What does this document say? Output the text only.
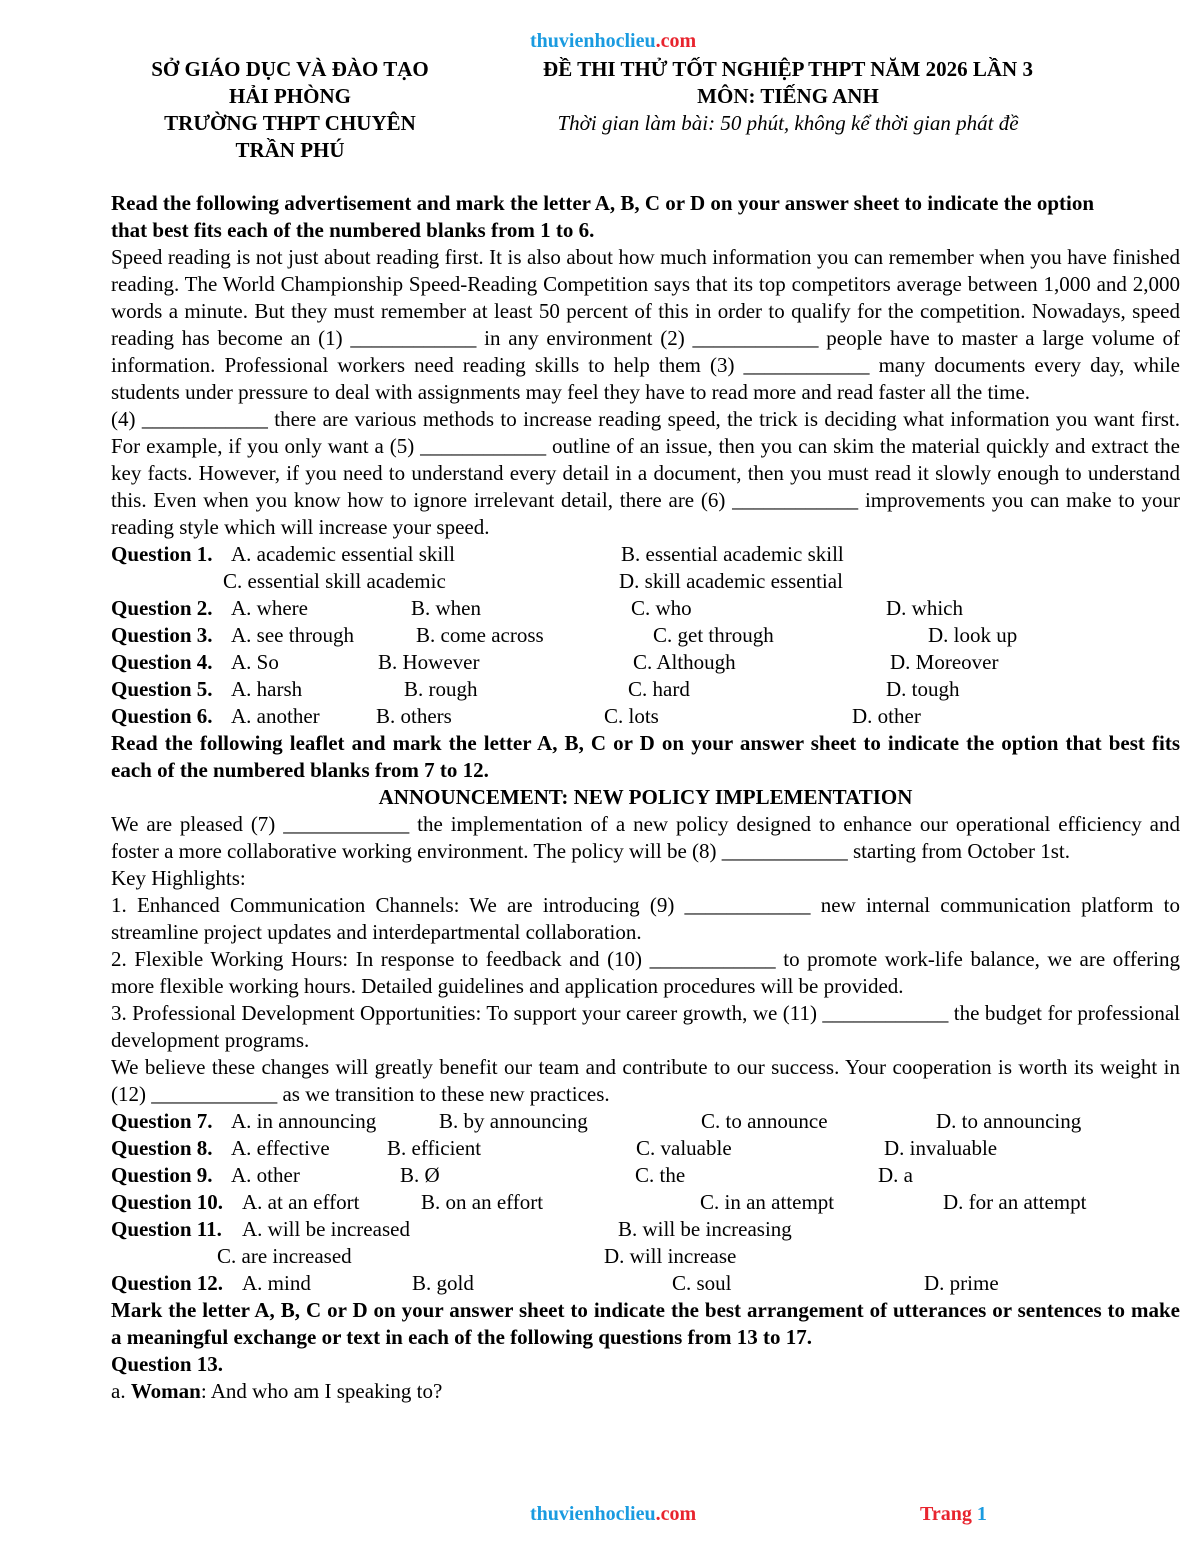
thuvienhoclieu.com
SỞ GIÁO DỤC VÀ ĐÀO TẠO
HẢI PHÒNG
TRƯỜNG THPT CHUYÊN
TRẦN PHÚ
ĐỀ THI THỬ TỐT NGHIỆP THPT NĂM 2026 LẦN 3
MÔN: TIẾNG ANH
Thời gian làm bài: 50 phút, không kể thời gian phát đề

Read the following advertisement and mark the letter A, B, C or D on your answer sheet to indicate the option that best fits each of the numbered blanks from 1 to 6.

Speed reading is not just about reading first. It is also about how much information you can remember when you have finished reading. The World Championship Speed-Reading Competition says that its top competitors average between 1,000 and 2,000 words a minute. But they must remember at least 50 percent of this in order to qualify for the competition. Nowadays, speed reading has become an (1) ____________ in any environment (2) ____________ people have to master a large volume of information. Professional workers need reading skills to help them (3) ____________ many documents every day, while students under pressure to deal with assignments may feel they have to read more and read faster all the time.

(4) ____________ there are various methods to increase reading speed, the trick is deciding what information you want first. For example, if you only want a (5) ____________ outline of an issue, then you can skim the material quickly and extract the key facts. However, if you need to understand every detail in a document, then you must read it slowly enough to understand this. Even when you know how to ignore irrelevant detail, there are (6) ____________ improvements you can make to your reading style which will increase your speed.

Question 1. A. academic essential skill	B. essential academic skill
C. essential skill academic	D. skill academic essential
Question 2. A. where	B. when	C. who	D. which
Question 3. A. see through	B. come across	C. get through	D. look up
Question 4. A. So	B. However	C. Although	D. Moreover
Question 5. A. harsh	B. rough	C. hard	D. tough
Question 6. A. another	B. others	C. lots	D. other

Read the following leaflet and mark the letter A, B, C or D on your answer sheet to indicate the option that best fits each of the numbered blanks from 7 to 12.

ANNOUNCEMENT: NEW POLICY IMPLEMENTATION

We are pleased (7) ____________ the implementation of a new policy designed to enhance our operational efficiency and foster a more collaborative working environment. The policy will be (8) ____________ starting from October 1st.

Key Highlights:

1. Enhanced Communication Channels: We are introducing (9) ____________ new internal communication platform to streamline project updates and interdepartmental collaboration.

2. Flexible Working Hours: In response to feedback and (10) ____________ to promote work-life balance, we are offering more flexible working hours. Detailed guidelines and application procedures will be provided.

3. Professional Development Opportunities: To support your career growth, we (11) ____________ the budget for professional development programs.

We believe these changes will greatly benefit our team and contribute to our success. Your cooperation is worth its weight in (12) ____________ as we transition to these new practices.

Question 7. A. in announcing	B. by announcing	C. to announce	D. to announcing
Question 8. A. effective	B. efficient	C. valuable	D. invaluable
Question 9. A. other	B. Ø	C. the	D. a
Question 10. A. at an effort	B. on an effort	C. in an attempt	D. for an attempt
Question 11. A. will be increased	B. will be increasing
C. are increased	D. will increase
Question 12. A. mind	B. gold	C. soul	D. prime

Mark the letter A, B, C or D on your answer sheet to indicate the best arrangement of utterances or sentences to make a meaningful exchange or text in each of the following questions from 13 to 17.

Question 13.

a. Woman: And who am I speaking to?

thuvienhoclieu.com	Trang 1
